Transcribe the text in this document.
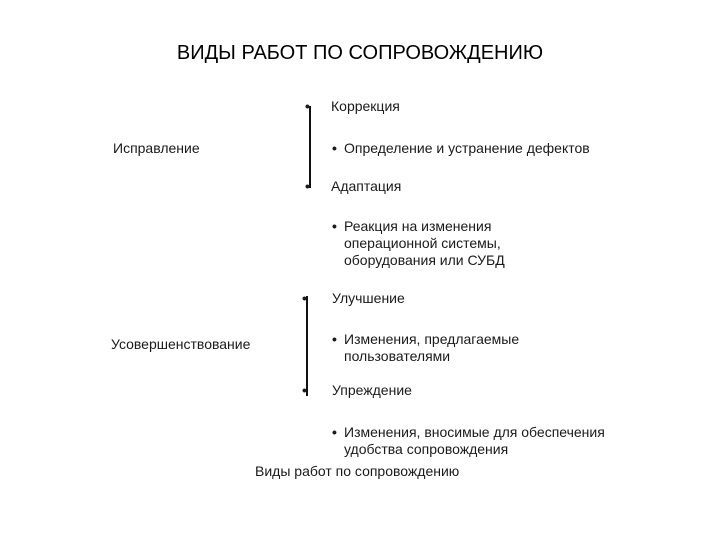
ВИДЫ РАБОТ ПО СОПРОВОЖДЕНИЮ
Исправление
• Коррекция
• Определение и устранение дефектов
• Адаптация
• Реакция на изменения
операционной системы,
оборудования или СУБД
Усовершенствование
• Улучшение
• Изменения, предлагаемые
пользователями
• Упреждение
• Изменения, вносимые для обеспечения
удобства сопровождения
Виды работ по сопровождению
